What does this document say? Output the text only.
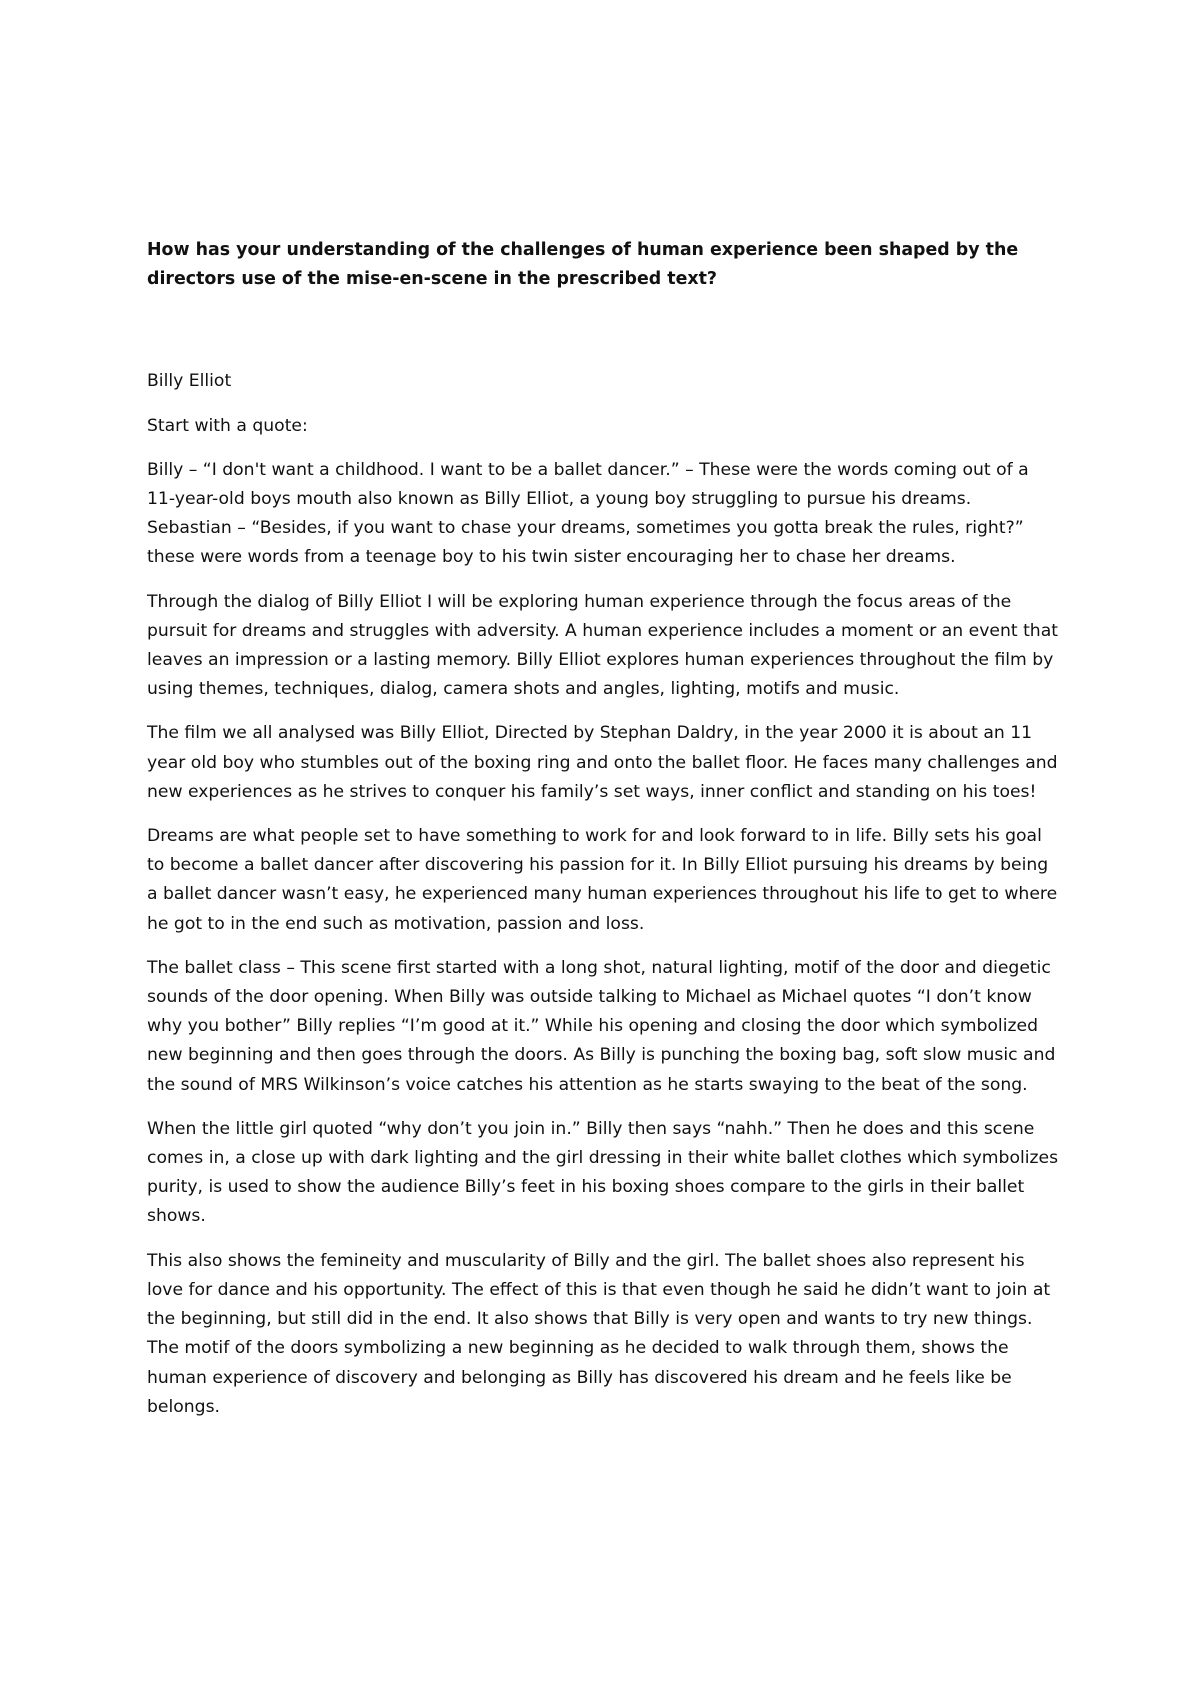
How has your understanding of the challenges of human experience been shaped by the directors use of the mise-en-scene in the prescribed text?

Billy Elliot

Start with a quote:

Billy – “I don't want a childhood. I want to be a ballet dancer.” – These were the words coming out of a 11-year-old boys mouth also known as Billy Elliot, a young boy struggling to pursue his dreams.
Sebastian – “Besides, if you want to chase your dreams, sometimes you gotta break the rules, right?” these were words from a teenage boy to his twin sister encouraging her to chase her dreams.

Through the dialog of Billy Elliot I will be exploring human experience through the focus areas of the pursuit for dreams and struggles with adversity. A human experience includes a moment or an event that leaves an impression or a lasting memory. Billy Elliot explores human experiences throughout the film by using themes, techniques, dialog, camera shots and angles, lighting, motifs and music.

The film we all analysed was Billy Elliot, Directed by Stephan Daldry, in the year 2000 it is about an 11 year old boy who stumbles out of the boxing ring and onto the ballet floor. He faces many challenges and new experiences as he strives to conquer his family’s set ways, inner conflict and standing on his toes!

Dreams are what people set to have something to work for and look forward to in life. Billy sets his goal to become a ballet dancer after discovering his passion for it. In Billy Elliot pursuing his dreams by being a ballet dancer wasn’t easy, he experienced many human experiences throughout his life to get to where he got to in the end such as motivation, passion and loss.

The ballet class – This scene first started with a long shot, natural lighting, motif of the door and diegetic sounds of the door opening. When Billy was outside talking to Michael as Michael quotes “I don’t know why you bother” Billy replies “I’m good at it.” While his opening and closing the door which symbolized new beginning and then goes through the doors. As Billy is punching the boxing bag, soft slow music and the sound of MRS Wilkinson’s voice catches his attention as he starts swaying to the beat of the song.

When the little girl quoted “why don’t you join in.” Billy then says “nahh.” Then he does and this scene comes in, a close up with dark lighting and the girl dressing in their white ballet clothes which symbolizes purity, is used to show the audience Billy’s feet in his boxing shoes compare to the girls in their ballet shows.

This also shows the femineity and muscularity of Billy and the girl. The ballet shoes also represent his love for dance and his opportunity. The effect of this is that even though he said he didn’t want to join at the beginning, but still did in the end. It also shows that Billy is very open and wants to try new things. The motif of the doors symbolizing a new beginning as he decided to walk through them, shows the human experience of discovery and belonging as Billy has discovered his dream and he feels like be belongs.
